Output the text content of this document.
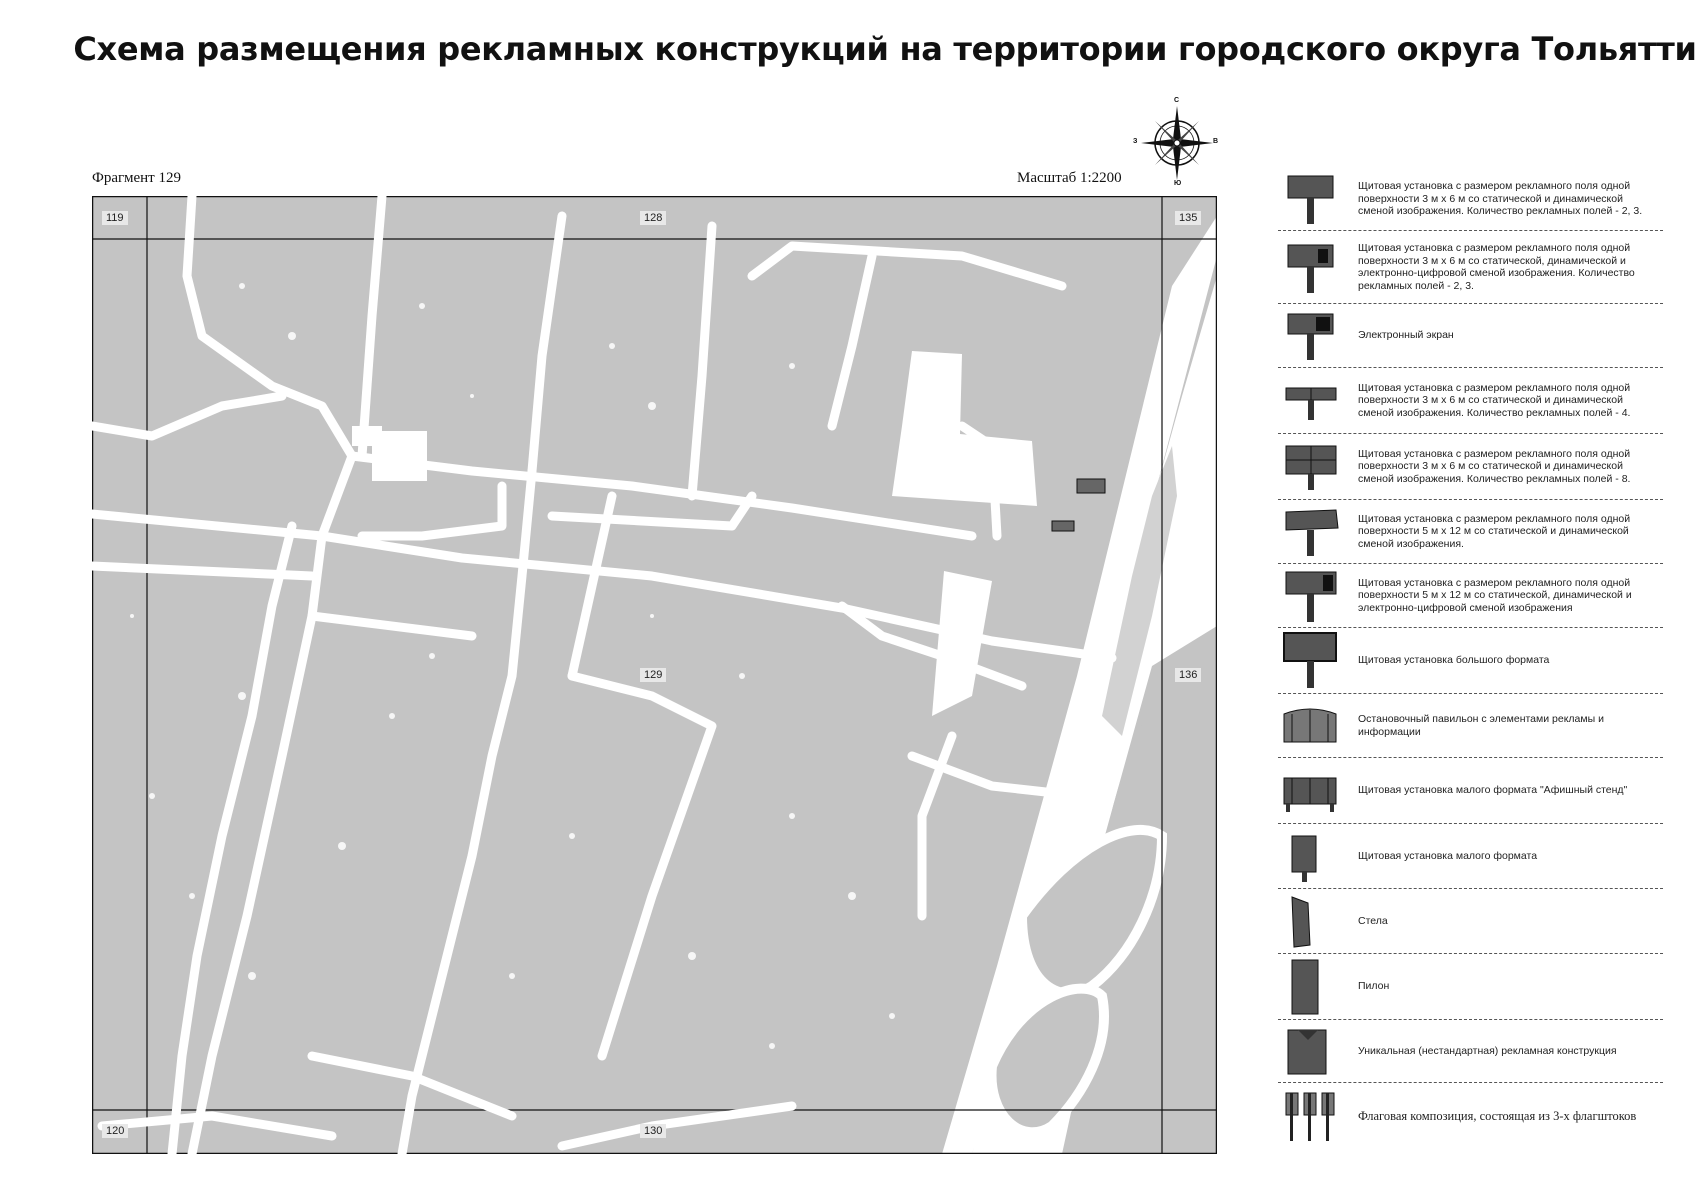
Схема размещения рекламных конструкций на территории городского округа Тольятти
Фрагмент 129	Масштаб 1:2200
С
Ю
В
З
119	128	135
129	136
120	130
Щитовая установка с размером рекламного поля одной поверхности 3 м х 6 м со статической и динамической сменой изображения. Количество рекламных полей - 2, 3.
Щитовая установка с размером рекламного поля одной поверхности 3 м х 6 м со статической, динамической и электронно-цифровой сменой изображения. Количество рекламных полей - 2, 3.
Электронный экран
Щитовая установка с размером рекламного поля одной поверхности 3 м х 6 м со статической и динамической сменой изображения. Количество рекламных полей - 4.
Щитовая установка с размером рекламного поля одной поверхности 3 м х 6 м со статической и динамической сменой изображения. Количество рекламных полей - 8.
Щитовая установка с размером рекламного поля одной поверхности 5 м х 12 м со статической и динамической сменой изображения.
Щитовая установка с размером рекламного поля одной поверхности 5 м х 12 м со статической, динамической и электронно-цифровой сменой изображения
Щитовая установка большого формата
Остановочный павильон с элементами рекламы и информации
Щитовая установка малого формата "Афишный стенд"
Щитовая установка малого формата
Стела
Пилон
Уникальная (нестандартная) рекламная конструкция
Флаговая композиция, состоящая из 3-х флагштоков
